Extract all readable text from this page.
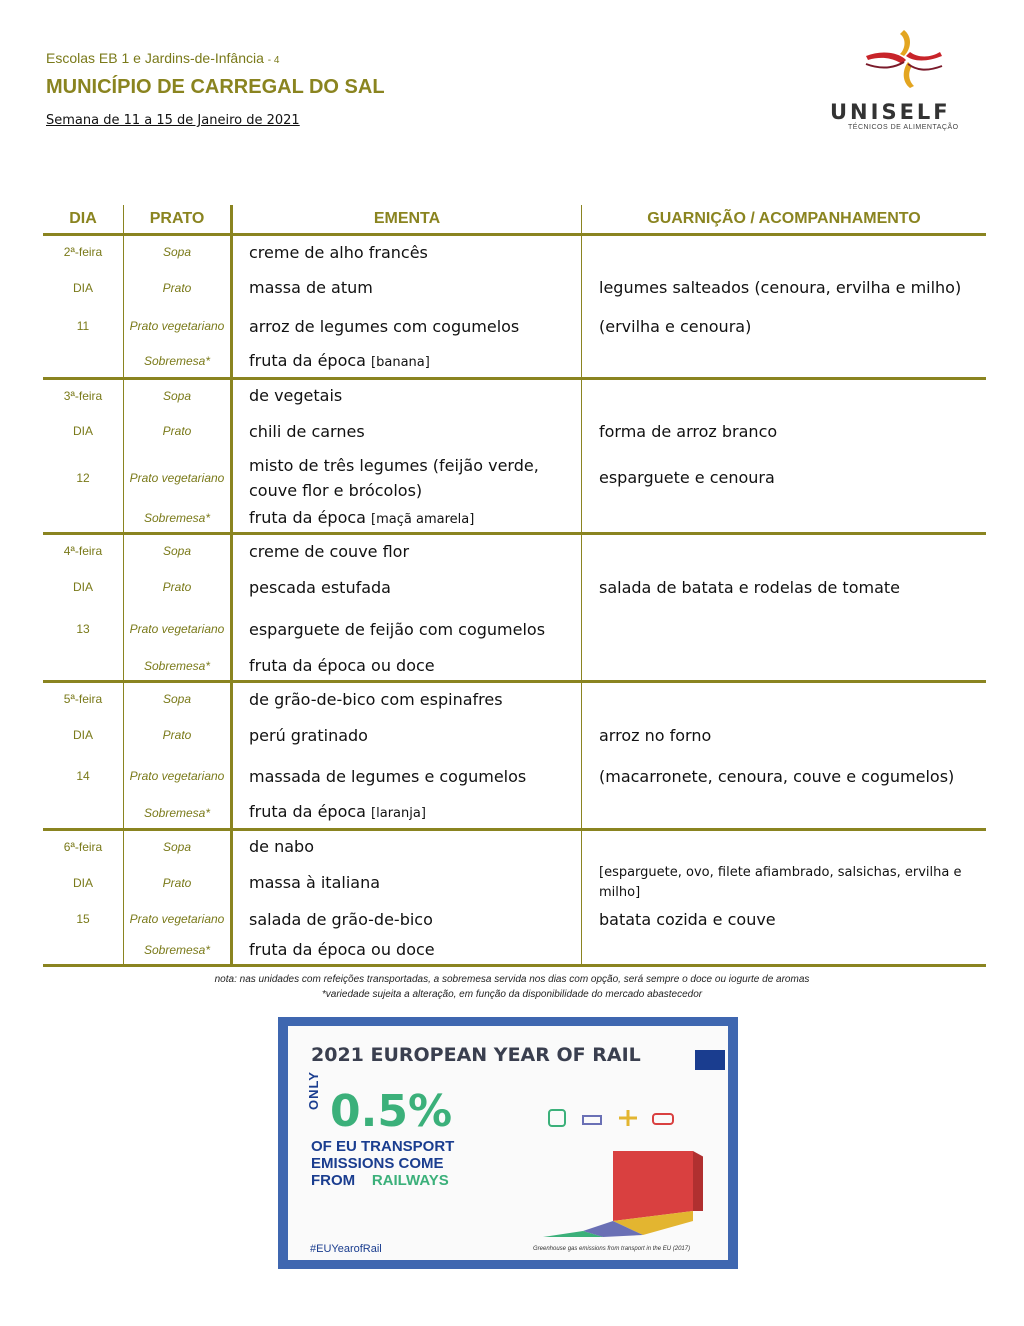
Escolas EB 1 e Jardins-de-Infância - 4
MUNICÍPIO DE CARREGAL DO SAL
Semana de 11 a 15 de Janeiro de 2021	UNISELF
TÉCNICOS DE ALIMENTAÇÃO
DIA	PRATO	EMENTA	GUARNIÇÃO / ACOMPANHAMENTO
2ª-feira	Sopa	creme de alho francês	
DIA	Prato	massa de atum	legumes salteados (cenoura, ervilha e milho)
11	Prato vegetariano	arroz de legumes com cogumelos	(ervilha e cenoura)
	Sobremesa*	fruta da época [banana]	
3ª-feira	Sopa	de vegetais	
DIA	Prato	chili de carnes	forma de arroz branco
12	Prato vegetariano	misto de três legumes (feijão verde, couve flor e brócolos)	esparguete e cenoura
	Sobremesa*	fruta da época [maçã amarela]	
4ª-feira	Sopa	creme de couve flor	
DIA	Prato	pescada estufada	salada de batata e rodelas de tomate
13	Prato vegetariano	esparguete de feijão com cogumelos	
	Sobremesa*	fruta da época ou doce	
5ª-feira	Sopa	de grão-de-bico com espinafres	
DIA	Prato	perú gratinado	arroz no forno
14	Prato vegetariano	massada de legumes e cogumelos	(macarronete, cenoura, couve e cogumelos)
	Sobremesa*	fruta da época [laranja]	
6ª-feira	Sopa	de nabo	
DIA	Prato	massa à italiana	[esparguete, ovo, filete afiambrado, salsichas, ervilha e milho]
15	Prato vegetariano	salada de grão-de-bico	batata cozida e couve
	Sobremesa*	fruta da época ou doce	
nota: nas unidades com refeições transportadas, a sobremesa servida nos dias com opção, será sempre o doce ou iogurte de aromas
*variedade sujeita a alteração, em função da disponibilidade do mercado abastecedor
2021 EUROPEAN YEAR OF RAIL
ONLY 0.5%
OF EU TRANSPORT
EMISSIONS COME
FROM RAILWAYS
#EUYearofRail	Greenhouse gas emissions from transport in the EU (2017)
